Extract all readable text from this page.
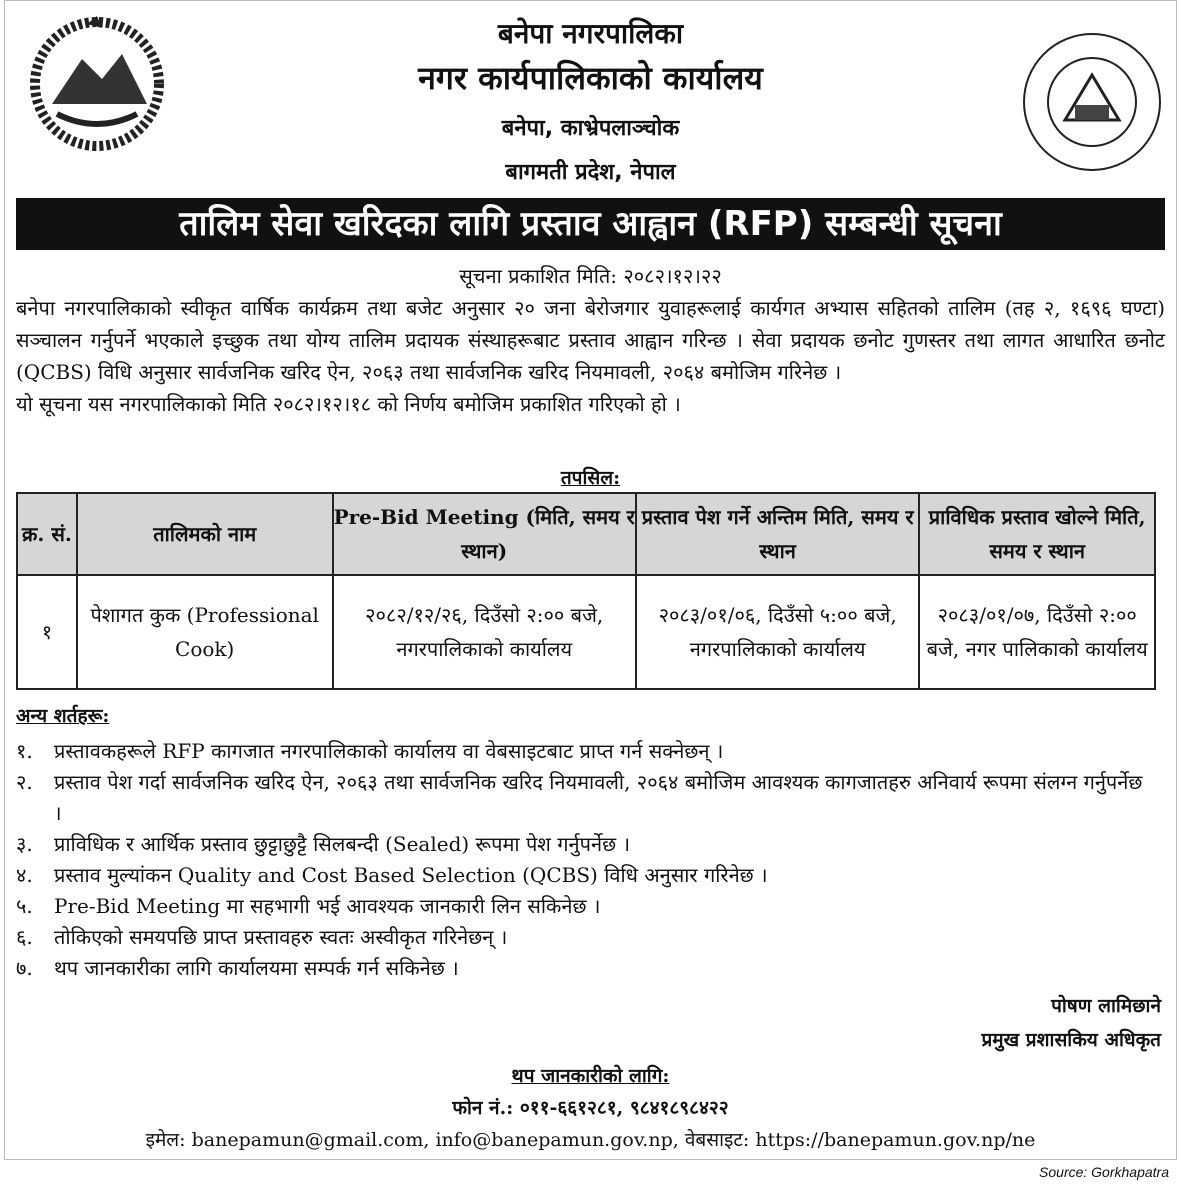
बनेपा नगरपालिका
नगर कार्यपालिकाको कार्यालय
बनेपा, काभ्रेपलाञ्चोक
बागमती प्रदेश, नेपाल
तालिम सेवा खरिदका लागि प्रस्ताव आह्वान (RFP) सम्बन्धी सूचना
सूचना प्रकाशित मिति: २०८२।१२।२२

बनेपा नगरपालिकाको स्वीकृत वार्षिक कार्यक्रम तथा बजेट अनुसार २० जना बेरोजगार युवाहरूलाई कार्यगत अभ्यास सहितको तालिम (तह २, १६९६ घण्टा) सञ्चालन गर्नुपर्ने भएकाले इच्छुक तथा योग्य तालिम प्रदायक संस्थाहरूबाट प्रस्ताव आह्वान गरिन्छ । सेवा प्रदायक छनोट गुणस्तर तथा लागत आधारित छनोट (QCBS) विधि अनुसार सार्वजनिक खरिद ऐन, २०६३ तथा सार्वजनिक खरिद नियमावली, २०६४ बमोजिम गरिनेछ ।

यो सूचना यस नगरपालिकाको मिति २०८२।१२।१८ को निर्णय बमोजिम प्रकाशित गरिएको हो ।

तपसिल:
क्र. सं.	तालिमको नाम	Pre-Bid Meeting (मिति, समय र स्थान)	प्रस्ताव पेश गर्ने अन्तिम मिति, समय र स्थान	प्राविधिक प्रस्ताव खोल्ने मिति, समय र स्थान
१	पेशागत कुक (Professional Cook)	२०८२/१२/२६, दिउँसो २:०० बजे, नगरपालिकाको कार्यालय	२०८३/०१/०६, दिउँसो ५:०० बजे, नगरपालिकाको कार्यालय	२०८३/०१/०७, दिउँसो २:०० बजे, नगर पालिकाको कार्यालय
अन्य शर्तहरू:
१.	प्रस्तावकहरूले RFP कागजात नगरपालिकाको कार्यालय वा वेबसाइटबाट प्राप्त गर्न सक्नेछन् ।
२.	प्रस्ताव पेश गर्दा सार्वजनिक खरिद ऐन, २०६३ तथा सार्वजनिक खरिद नियमावली, २०६४ बमोजिम आवश्यक कागजातहरु अनिवार्य रूपमा संलग्न गर्नुपर्नेछ ।
३.	प्राविधिक र आर्थिक प्रस्ताव छुट्टाछुट्टै सिलबन्दी (Sealed) रूपमा पेश गर्नुपर्नेछ ।
४.	प्रस्ताव मुल्यांकन Quality and Cost Based Selection (QCBS) विधि अनुसार गरिनेछ ।
५.	Pre-Bid Meeting मा सहभागी भई आवश्यक जानकारी लिन सकिनेछ ।
६.	तोकिएको समयपछि प्राप्त प्रस्तावहरु स्वतः अस्वीकृत गरिनेछन् ।
७.	थप जानकारीका लागि कार्यालयमा सम्पर्क गर्न सकिनेछ ।
पोषण लामिछाने
प्रमुख प्रशासकिय अधिकृत
थप जानकारीको लागि:
फोन नं.: ०११-६६१२८१, ९८४१८९८४२२
इमेल: banepamun@gmail.com, info@banepamun.gov.np, वेबसाइट: https://banepamun.gov.np/ne
Source: Gorkhapatra
